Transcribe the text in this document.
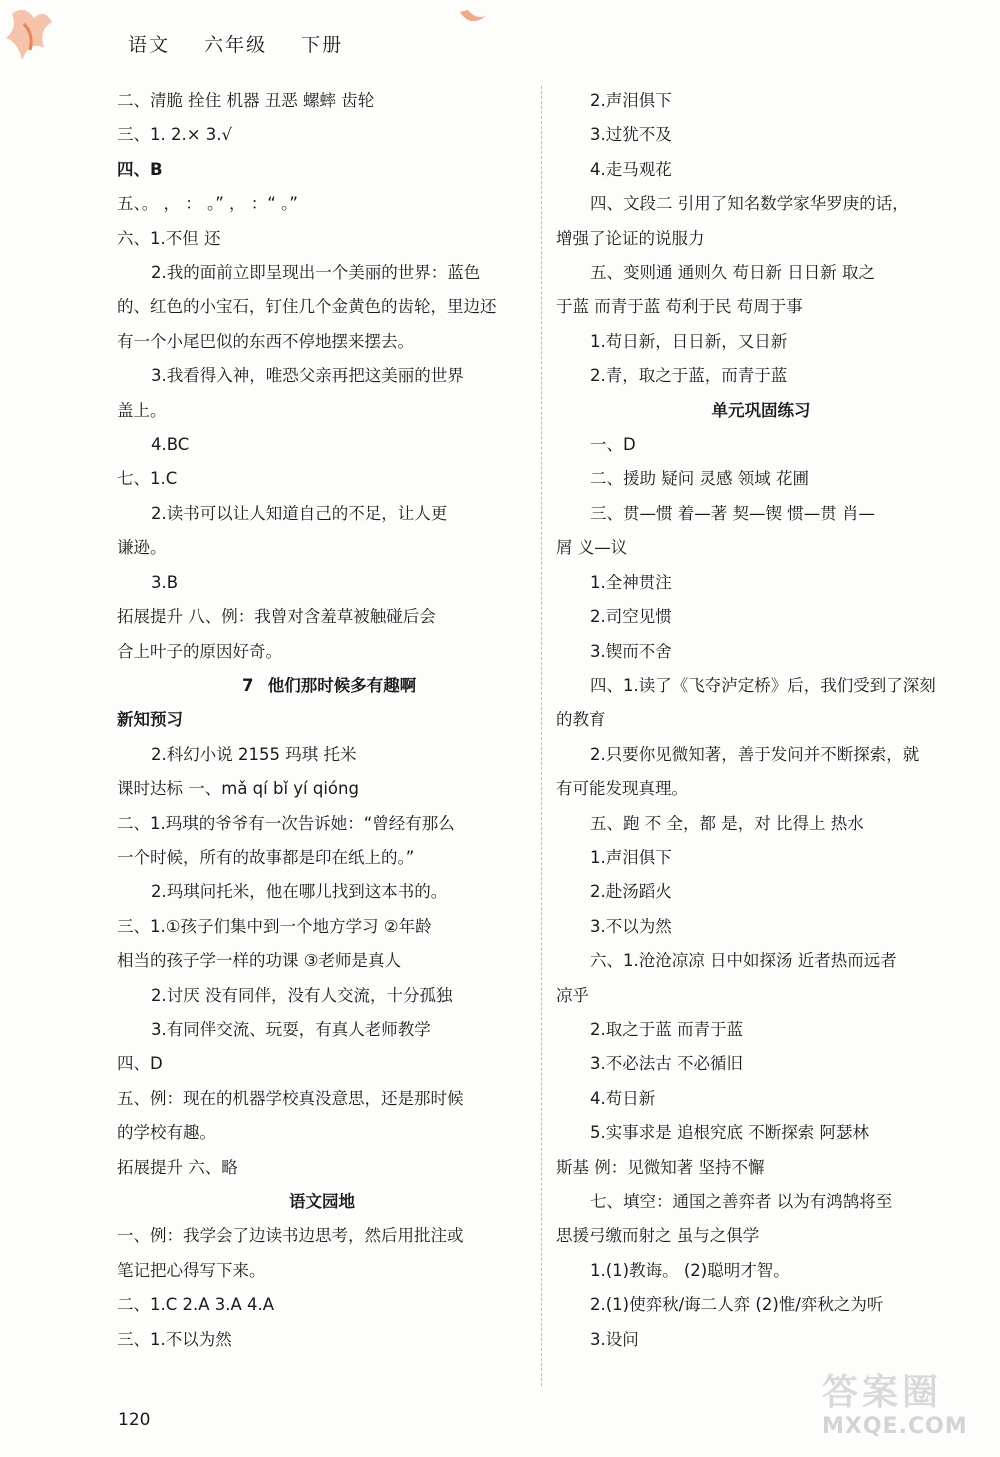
语文 六年级 下册
二、清脆 拴住 机器 丑恶 螺蟀 齿轮
三、1. 2.× 3.√
四、B
五、。 ， ： 。” ， ：“ 。”
六、1.不但 还
2.我的面前立即呈现出一个美丽的世界：蓝色
的、红色的小宝石，钉住几个金黄色的齿轮，里边还
有一个小尾巴似的东西不停地摆来摆去。
3.我看得入神，唯恐父亲再把这美丽的世界
盖上。
4.BC
七、1.C
2.读书可以让人知道自己的不足，让人更
谦逊。
3.B
拓展提升 八、例：我曾对含羞草被触碰后会
合上叶子的原因好奇。
7 他们那时候多有趣啊
新知预习
2.科幻小说 2155 玛琪 托米
课时达标 一、mǎ qí bǐ yí qióng
二、1.玛琪的爷爷有一次告诉她：“曾经有那么
一个时候，所有的故事都是印在纸上的。”
2.玛琪问托米，他在哪儿找到这本书的。
三、1.①孩子们集中到一个地方学习 ②年龄
相当的孩子学一样的功课 ③老师是真人
2.讨厌 没有同伴，没有人交流，十分孤独
3.有同伴交流、玩耍，有真人老师教学
四、D
五、例：现在的机器学校真没意思，还是那时候
的学校有趣。
拓展提升 六、略
语文园地
一、例：我学会了边读书边思考，然后用批注或
笔记把心得写下来。
二、1.C 2.A 3.A 4.A
三、1.不以为然
2.声泪俱下
3.过犹不及
4.走马观花
四、文段二 引用了知名数学家华罗庚的话，
增强了论证的说服力
五、变则通 通则久 苟日新 日日新 取之
于蓝 而青于蓝 苟利于民 苟周于事
1.苟日新，日日新，又日新
2.青，取之于蓝，而青于蓝
单元巩固练习
一、D
二、援助 疑问 灵感 领域 花圃
三、贯—惯 着—著 契—锲 惯—贯 肖—
屑 义—议
1.全神贯注
2.司空见惯
3.锲而不舍
四、1.读了《飞夺泸定桥》后，我们受到了深刻
的教育
2.只要你见微知著，善于发问并不断探索，就
有可能发现真理。
五、跑 不 全，都 是，对 比得上 热水
1.声泪俱下
2.赴汤蹈火
3.不以为然
六、1.沧沧凉凉 日中如探汤 近者热而远者
凉乎
2.取之于蓝 而青于蓝
3.不必法古 不必循旧
4.苟日新
5.实事求是 追根究底 不断探索 阿瑟林
斯基 例：见微知著 坚持不懈
七、填空：通国之善弈者 以为有鸿鹄将至
思援弓缴而射之 虽与之俱学
1.(1)教诲。 (2)聪明才智。
2.(1)使弈秋/诲二人弈 (2)惟/弈秋之为听
3.设问
120
答案圈
MXQE.COM
